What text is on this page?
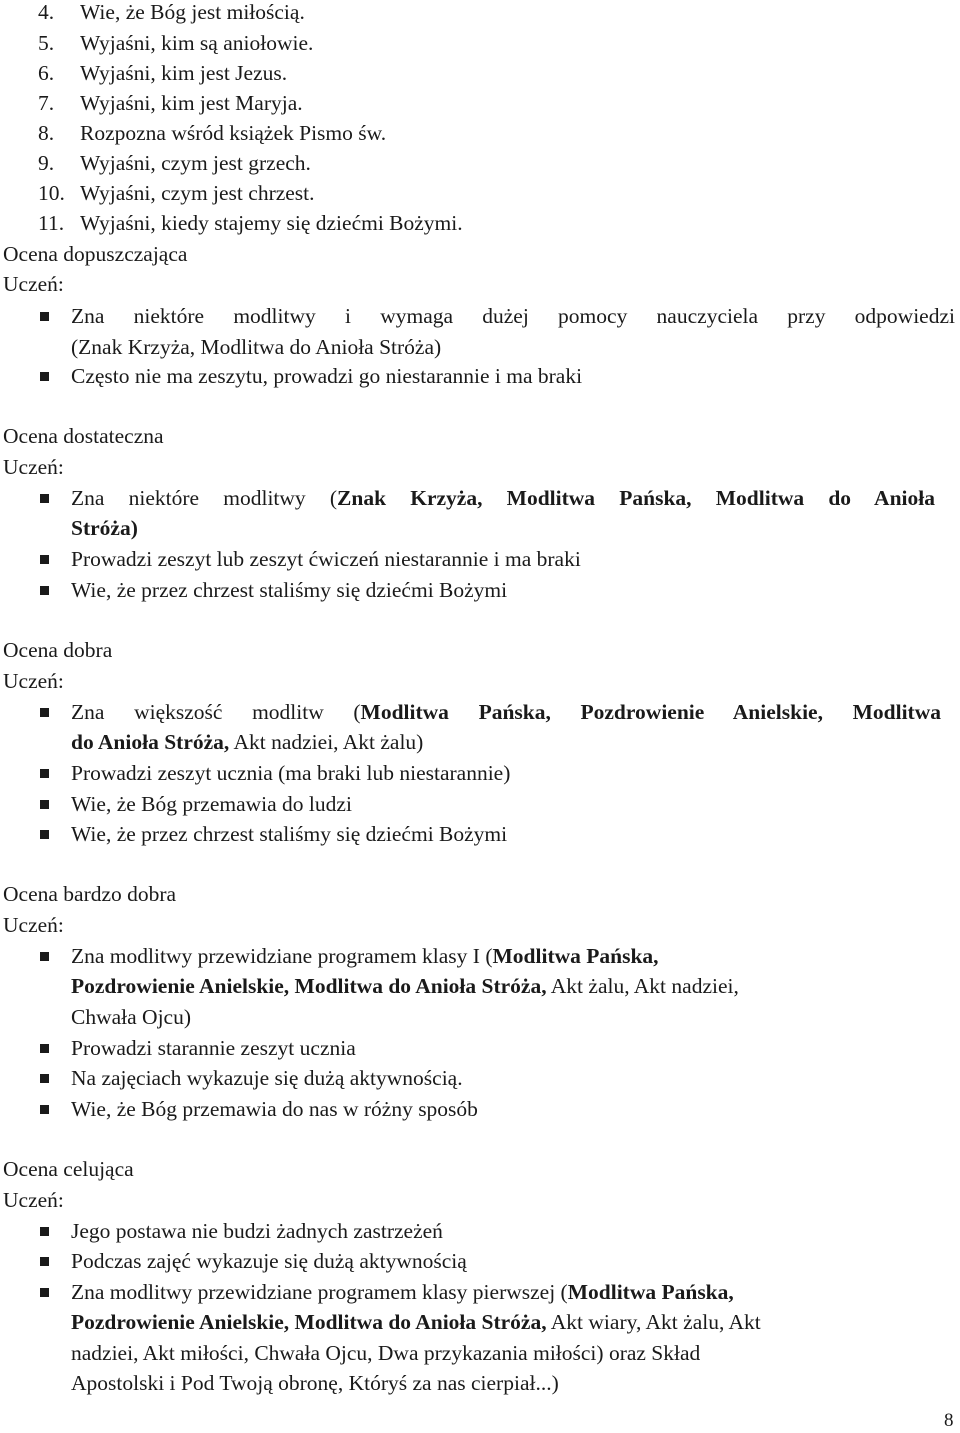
4. Wie, że Bóg jest miłością.
5. Wyjaśni, kim są aniołowie.
6. Wyjaśni, kim jest Jezus.
7. Wyjaśni, kim jest Maryja.
8. Rozpozna wśród książek Pismo św.
9. Wyjaśni, czym jest grzech.
10. Wyjaśni, czym jest chrzest.
11. Wyjaśni, kiedy stajemy się dziećmi Bożymi.
Ocena dopuszczająca
Uczeń:
Zna niektóre modlitwy i wymaga dużej pomocy nauczyciela przy odpowiedzi
(Znak Krzyża, Modlitwa do Anioła Stróża)
Często nie ma zeszytu, prowadzi go niestarannie i ma braki
Ocena dostateczna
Uczeń:
Zna niektóre modlitwy (Znak Krzyża, Modlitwa Pańska, Modlitwa do Anioła
Stróża)
Prowadzi zeszyt lub zeszyt ćwiczeń niestarannie i ma braki
Wie, że przez chrzest staliśmy się dziećmi Bożymi
Ocena dobra
Uczeń:
Zna większość modlitw (Modlitwa Pańska, Pozdrowienie Anielskie, Modlitwa
do Anioła Stróża, Akt nadziei, Akt żalu)
Prowadzi zeszyt ucznia (ma braki lub niestarannie)
Wie, że Bóg przemawia do ludzi
Wie, że przez chrzest staliśmy się dziećmi Bożymi
Ocena bardzo dobra
Uczeń:
Zna modlitwy przewidziane programem klasy I (Modlitwa Pańska,
Pozdrowienie Anielskie, Modlitwa do Anioła Stróża, Akt żalu, Akt nadziei,
Chwała Ojcu)
Prowadzi starannie zeszyt ucznia
Na zajęciach wykazuje się dużą aktywnością.
Wie, że Bóg przemawia do nas w różny sposób
Ocena celująca
Uczeń:
Jego postawa nie budzi żadnych zastrzeżeń
Podczas zajęć wykazuje się dużą aktywnością
Zna modlitwy przewidziane programem klasy pierwszej (Modlitwa Pańska,
Pozdrowienie Anielskie, Modlitwa do Anioła Stróża, Akt wiary, Akt żalu, Akt
nadziei, Akt miłości, Chwała Ojcu, Dwa przykazania miłości) oraz Skład
Apostolski i Pod Twoją obronę, Któryś za nas cierpiał...)
8
